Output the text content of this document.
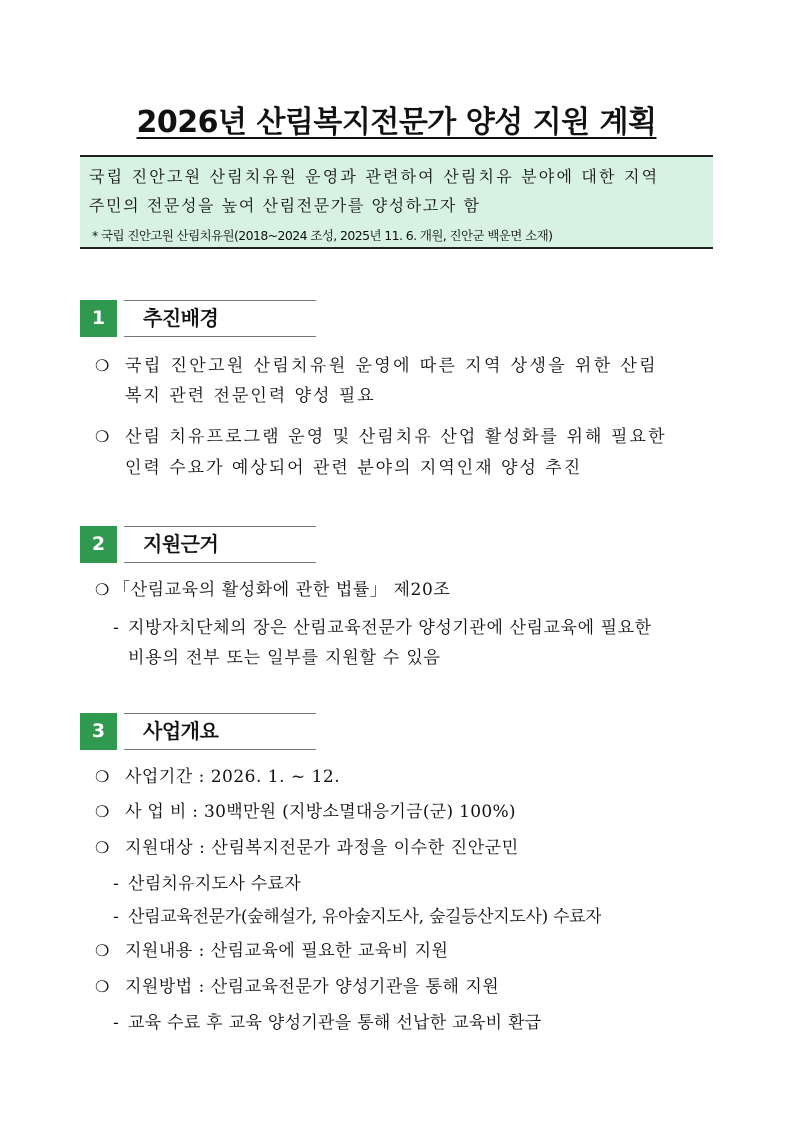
2026년 산림복지전문가 양성 지원 계획
국립 진안고원 산림치유원 운영과 관련하여 산림치유 분야에 대한 지역
주민의 전문성을 높여 산림전문가를 양성하고자 함
* 국립 진안고원 산림치유원(2018~2024 조성, 2025년 11. 6. 개원, 진안군 백운면 소재)
1	추진배경
❍ 국립 진안고원 산림치유원 운영에 따른 지역 상생을 위한 산림
복지 관련 전문인력 양성 필요
❍ 산림 치유프로그램 운영 및 산림치유 산업 활성화를 위해 필요한
인력 수요가 예상되어 관련 분야의 지역인재 양성 추진
2	지원근거
❍ 「산림교육의 활성화에 관한 법률」 제20조
- 지방자치단체의 장은 산림교육전문가 양성기관에 산림교육에 필요한
비용의 전부 또는 일부를 지원할 수 있음
3	사업개요
❍ 사업기간 : 2026. 1. ~ 12.
❍ 사 업 비 : 30백만원 (지방소멸대응기금(군) 100%)
❍ 지원대상 : 산림복지전문가 과정을 이수한 진안군민
- 산림치유지도사 수료자
- 산림교육전문가(숲해설가, 유아숲지도사, 숲길등산지도사) 수료자
❍ 지원내용 : 산림교육에 필요한 교육비 지원
❍ 지원방법 : 산림교육전문가 양성기관을 통해 지원
- 교육 수료 후 교육 양성기관을 통해 선납한 교육비 환급
